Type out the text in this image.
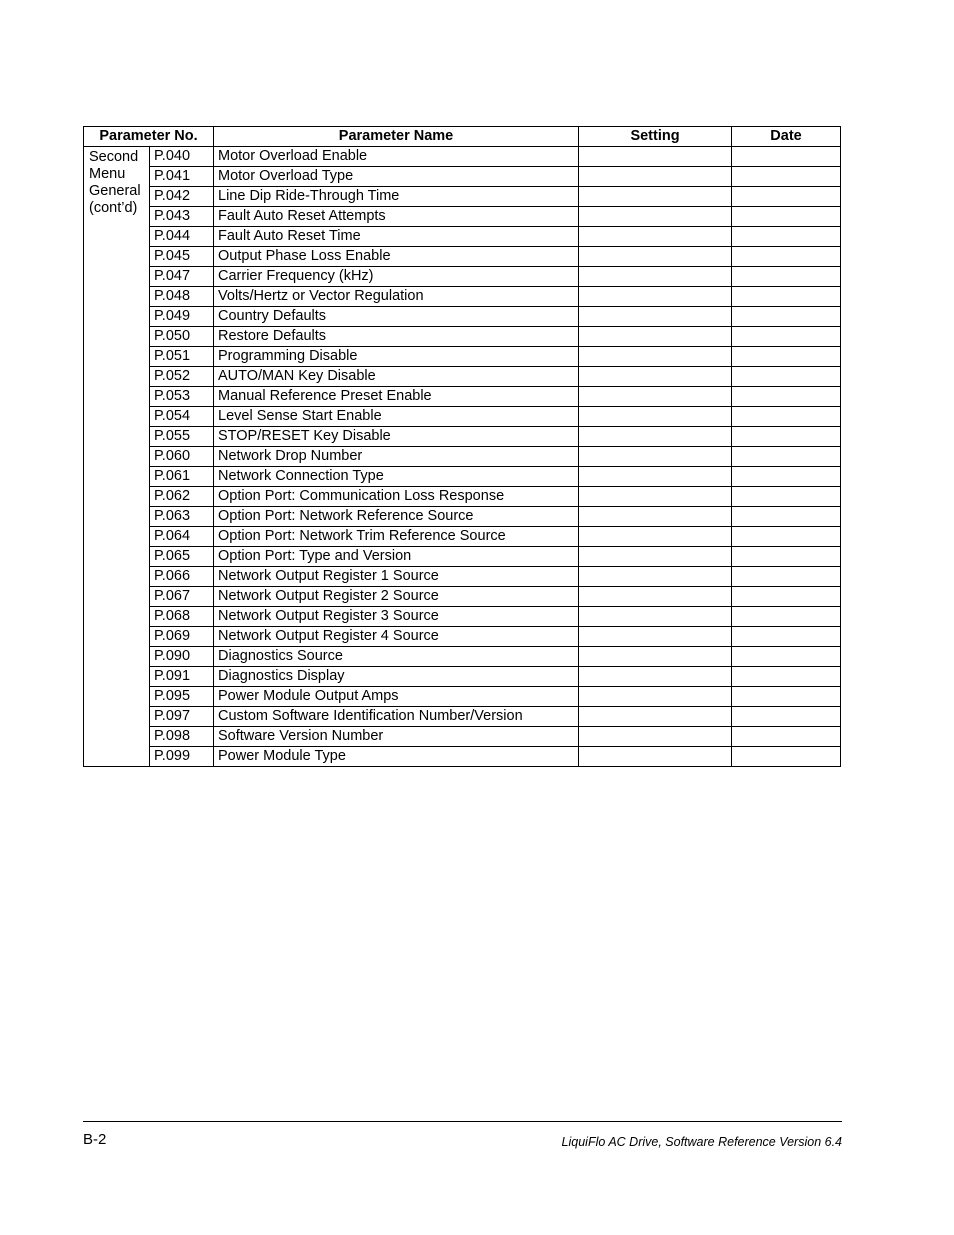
Parameter No.		Parameter Name	Setting	Date
Second Menu General (cont’d)	P.040	Motor Overload Enable		
	P.041	Motor Overload Type		
	P.042	Line Dip Ride-Through Time		
	P.043	Fault Auto Reset Attempts		
	P.044	Fault Auto Reset Time		
	P.045	Output Phase Loss Enable		
	P.047	Carrier Frequency (kHz)		
	P.048	Volts/Hertz or Vector Regulation		
	P.049	Country Defaults		
	P.050	Restore Defaults		
	P.051	Programming Disable		
	P.052	AUTO/MAN Key Disable		
	P.053	Manual Reference Preset Enable		
	P.054	Level Sense Start Enable		
	P.055	STOP/RESET Key Disable		
	P.060	Network Drop Number		
	P.061	Network Connection Type		
	P.062	Option Port: Communication Loss Response		
	P.063	Option Port: Network Reference Source		
	P.064	Option Port: Network Trim Reference Source		
	P.065	Option Port: Type and Version		
	P.066	Network Output Register 1 Source		
	P.067	Network Output Register 2 Source		
	P.068	Network Output Register 3 Source		
	P.069	Network Output Register 4 Source		
	P.090	Diagnostics Source		
	P.091	Diagnostics Display		
	P.095	Power Module Output Amps		
	P.097	Custom Software Identification Number/Version		
	P.098	Software Version Number		
	P.099	Power Module Type		
B-2	LiquiFlo AC Drive, Software Reference Version 6.4
